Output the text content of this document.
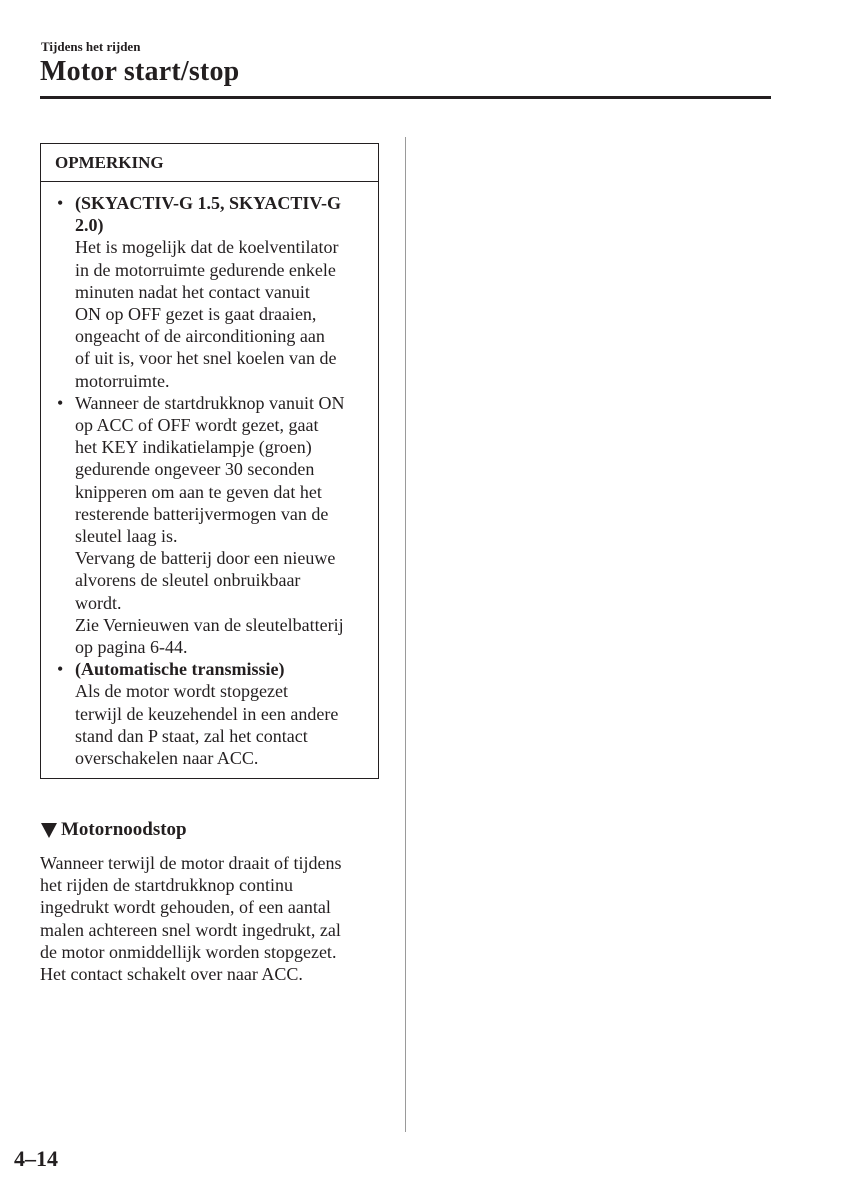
Tijdens het rijden
Motor start/stop
OPMERKING
• (SKYACTIV-G 1.5, SKYACTIV-G
2.0)
Het is mogelijk dat de koelventilator
in de motorruimte gedurende enkele
minuten nadat het contact vanuit
ON op OFF gezet is gaat draaien,
ongeacht of de airconditioning aan
of uit is, voor het snel koelen van de
motorruimte.
• Wanneer de startdrukknop vanuit ON
op ACC of OFF wordt gezet, gaat
het KEY indikatielampje (groen)
gedurende ongeveer 30 seconden
knipperen om aan te geven dat het
resterende batterijvermogen van de
sleutel laag is.
Vervang de batterij door een nieuwe
alvorens de sleutel onbruikbaar
wordt.
Zie Vernieuwen van de sleutelbatterij
op pagina 6-44.
• (Automatische transmissie)
Als de motor wordt stopgezet
terwijl de keuzehendel in een andere
stand dan P staat, zal het contact
overschakelen naar ACC.
Motornoodstop
Wanneer terwijl de motor draait of tijdens
het rijden de startdrukknop continu
ingedrukt wordt gehouden, of een aantal
malen achtereen snel wordt ingedrukt, zal
de motor onmiddellijk worden stopgezet.
Het contact schakelt over naar ACC.
4–14
